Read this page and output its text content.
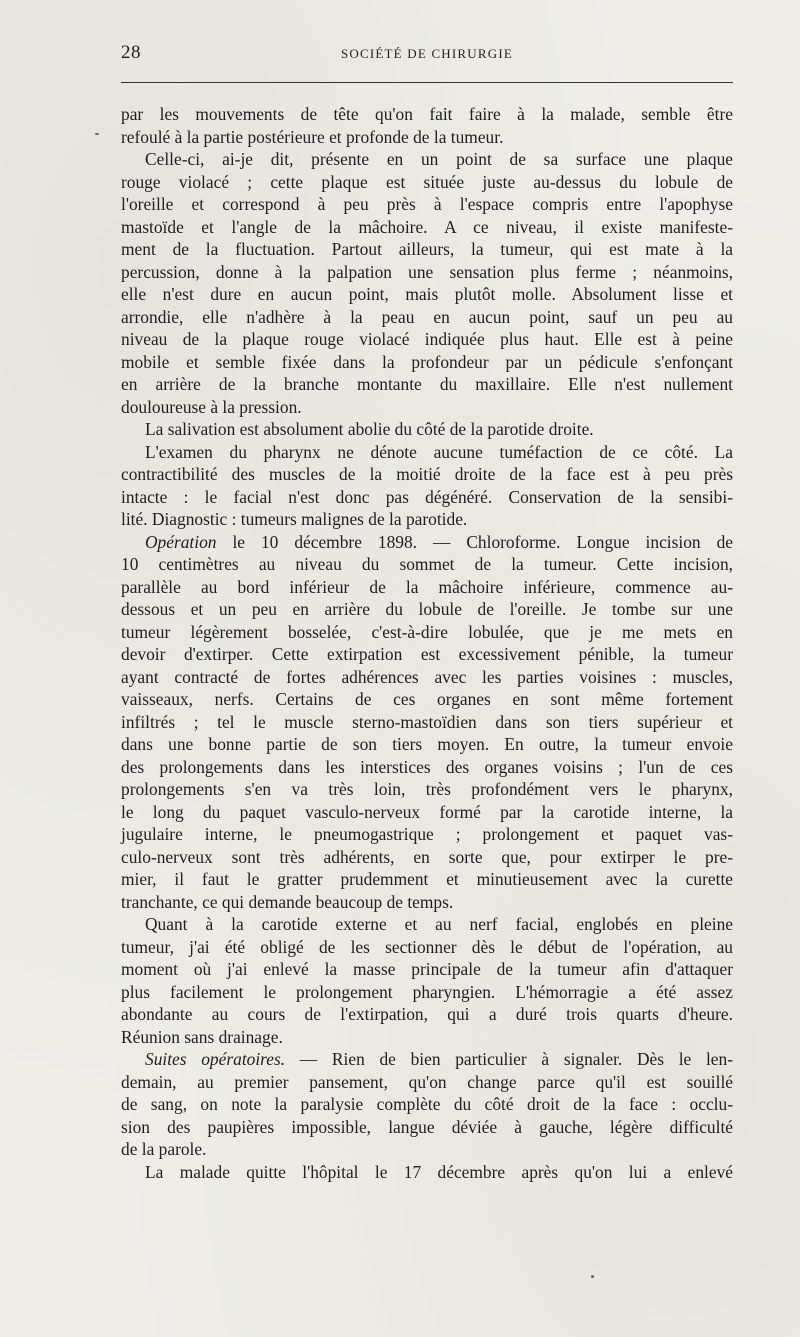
28	SOCIÉTÉ DE CHIRURGIE
par les mouvements de tête qu'on fait faire à la malade, semble être
refoulé à la partie postérieure et profonde de la tumeur.
Celle-ci, ai-je dit, présente en un point de sa surface une plaque
rouge violacé ; cette plaque est située juste au-dessus du lobule de
l'oreille et correspond à peu près à l'espace compris entre l'apophyse
mastoïde et l'angle de la mâchoire. A ce niveau, il existe manifeste-
ment de la fluctuation. Partout ailleurs, la tumeur, qui est mate à la
percussion, donne à la palpation une sensation plus ferme ; néanmoins,
elle n'est dure en aucun point, mais plutôt molle. Absolument lisse et
arrondie, elle n'adhère à la peau en aucun point, sauf un peu au
niveau de la plaque rouge violacé indiquée plus haut. Elle est à peine
mobile et semble fixée dans la profondeur par un pédicule s'enfonçant
en arrière de la branche montante du maxillaire. Elle n'est nullement
douloureuse à la pression.
La salivation est absolument abolie du côté de la parotide droite.
L'examen du pharynx ne dénote aucune tuméfaction de ce côté. La
contractibilité des muscles de la moitié droite de la face est à peu près
intacte : le facial n'est donc pas dégénéré. Conservation de la sensibi-
lité. Diagnostic : tumeurs malignes de la parotide.
Opération le 10 décembre 1898. — Chloroforme. Longue incision de
10 centimètres au niveau du sommet de la tumeur. Cette incision,
parallèle au bord inférieur de la mâchoire inférieure, commence au-
dessous et un peu en arrière du lobule de l'oreille. Je tombe sur une
tumeur légèrement bosselée, c'est-à-dire lobulée, que je me mets en
devoir d'extirper. Cette extirpation est excessivement pénible, la tumeur
ayant contracté de fortes adhérences avec les parties voisines : muscles,
vaisseaux, nerfs. Certains de ces organes en sont même fortement
infiltrés ; tel le muscle sterno-mastoïdien dans son tiers supérieur et
dans une bonne partie de son tiers moyen. En outre, la tumeur envoie
des prolongements dans les interstices des organes voisins ; l'un de ces
prolongements s'en va très loin, très profondément vers le pharynx,
le long du paquet vasculo-nerveux formé par la carotide interne, la
jugulaire interne, le pneumogastrique ; prolongement et paquet vas-
culo-nerveux sont très adhérents, en sorte que, pour extirper le pre-
mier, il faut le gratter prudemment et minutieusement avec la curette
tranchante, ce qui demande beaucoup de temps.
Quant à la carotide externe et au nerf facial, englobés en pleine
tumeur, j'ai été obligé de les sectionner dès le début de l'opération, au
moment où j'ai enlevé la masse principale de la tumeur afin d'attaquer
plus facilement le prolongement pharyngien. L'hémorragie a été assez
abondante au cours de l'extirpation, qui a duré trois quarts d'heure.
Réunion sans drainage.
Suites opératoires. — Rien de bien particulier à signaler. Dès le len-
demain, au premier pansement, qu'on change parce qu'il est souillé
de sang, on note la paralysie complète du côté droit de la face : occlu-
sion des paupières impossible, langue déviée à gauche, légère difficulté
de la parole.
La malade quitte l'hôpital le 17 décembre après qu'on lui a enlevé
